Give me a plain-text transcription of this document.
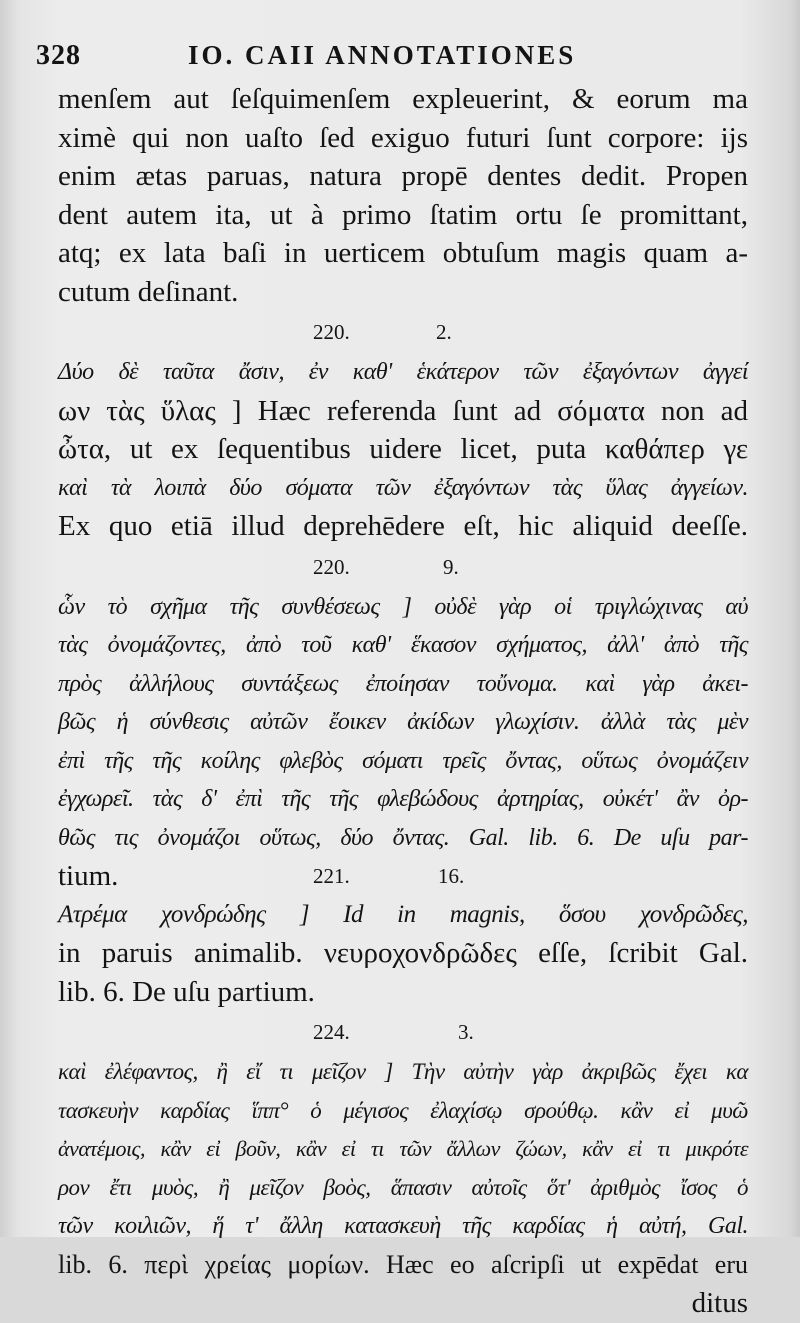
328	IO. CAII ANNOTATIONES
menſem aut ſeſquimenſem expleuerint, & eorum ma
ximè qui non uaſto ſed exiguo futuri ſunt corpore: ijs
enim ætas paruas, natura propē dentes dedit. Propen
dent autem ita, ut à primo ſtatim ortu ſe promittant,
atq; ex lata baſi in uerticem obtuſum magis quam a-
cutum deſinant.
220.	2.
Δύο δὲ ταῦτα ἄσιν, ἐν καθ' ἑκάτερον τῶν ἐξαγόντων ἀγγεί
ων τὰς ὕλας ] Hæc referenda ſunt ad σόματα non ad
ὦτα, ut ex ſequentibus uidere licet, puta καθάπερ γε
καὶ τὰ λοιπὰ δύο σόματα τῶν ἐξαγόντων τὰς ὕλας ἀγγείων.
Ex quo etiā illud deprehēdere eſt, hic aliquid deeſſe.
220.	9.
ὧν τὸ σχῆμα τῆς συνθέσεως ] οὐδὲ γὰρ οἱ τριγλώχινας αὐ
τὰς ὀνομάζοντες, ἀπὸ τοῦ καθ' ἕκασον σχήματος, ἀλλ' ἀπὸ τῆς
πρὸς ἀλλήλους συντάξεως ἐποίησαν τοὔνομα. καὶ γὰρ ἀκει-
βῶς ἡ σύνθεσις αὐτῶν ἔοικεν ἀκίδων γλωχίσιν. ἀλλὰ τὰς μὲν
ἐπὶ τῆς τῆς κοίλης φλεβὸς σόματι τρεῖς ὄντας, οὕτως ὀνομάζειν
ἐγχωρεῖ. τὰς δ' ἐπὶ τῆς τῆς φλεβώδους ἀρτηρίας, οὐκέτ' ἂν ὀρ-
θῶς τις ὀνομάζοι οὕτως, δύο ὄντας. Gal. lib. 6. De uſu par-
tium.	221.	16.
Ατρέμα χονδρώδης ] Id in magnis, ὅσου χονδρῶδες,
in paruis animalib. νευροχονδρῶδες eſſe, ſcribit Gal.
lib. 6. De uſu partium.
224.	3.
καὶ ἐλέφαντος, ἢ εἴ τι μεῖζον ] Τὴν αὐτὴν γὰρ ἀκριβῶς ἔχει κα
τασκευὴν καρδίας ἵππ° ὁ μέγισος ἐλαχίσῳ σρούθῳ. κἂν εἰ μυῶ
ἀνατέμοις, κἂν εἰ βοῦν, κἂν εἰ τι τῶν ἄλλων ζώων, κἂν εἰ τι μικρότε
ρον ἔτι μυὸς, ἢ μεῖζον βοὸς, ἅπασιν αὐτοῖς ὅτ' ἀριθμὸς ἴσος ὁ
τῶν κοιλιῶν, ἥ τ' ἄλλη κατασκευὴ τῆς καρδίας ἡ αὐτή, Gal.
lib. 6. περὶ χρείας μορίων. Hæc eo aſcripſi ut expēdat eru
ditus
